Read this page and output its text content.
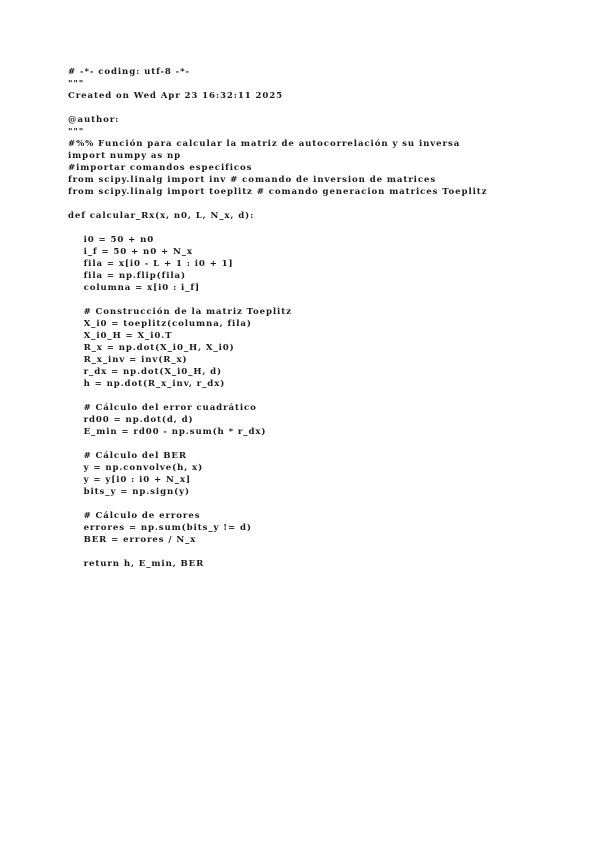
# -*- coding: utf-8 -*-
"""
Created on Wed Apr 23 16:32:11 2025
@author:
"""
#%% Función para calcular la matriz de autocorrelación y su inversa
import numpy as np
#importar comandos especificos
from scipy.linalg import inv # comando de inversion de matrices
from scipy.linalg import toeplitz # comando generacion matrices Toeplitz
def calcular_Rx(x, n0, L, N_x, d):
i0 = 50 + n0
i_f = 50 + n0 + N_x
fila = x[i0 - L + 1 : i0 + 1]
fila = np.flip(fila)
columna = x[i0 : i_f]
# Construcción de la matriz Toeplitz
X_i0 = toeplitz(columna, fila)
X_i0_H = X_i0.T
R_x = np.dot(X_i0_H, X_i0)
R_x_inv = inv(R_x)
r_dx = np.dot(X_i0_H, d)
h = np.dot(R_x_inv, r_dx)
# Cálculo del error cuadrático
rd00 = np.dot(d, d)
E_min = rd00 - np.sum(h * r_dx)
# Cálculo del BER
y = np.convolve(h, x)
y = y[i0 : i0 + N_x]
bits_y = np.sign(y)
# Cálculo de errores
errores = np.sum(bits_y != d)
BER = errores / N_x
return h, E_min, BER
